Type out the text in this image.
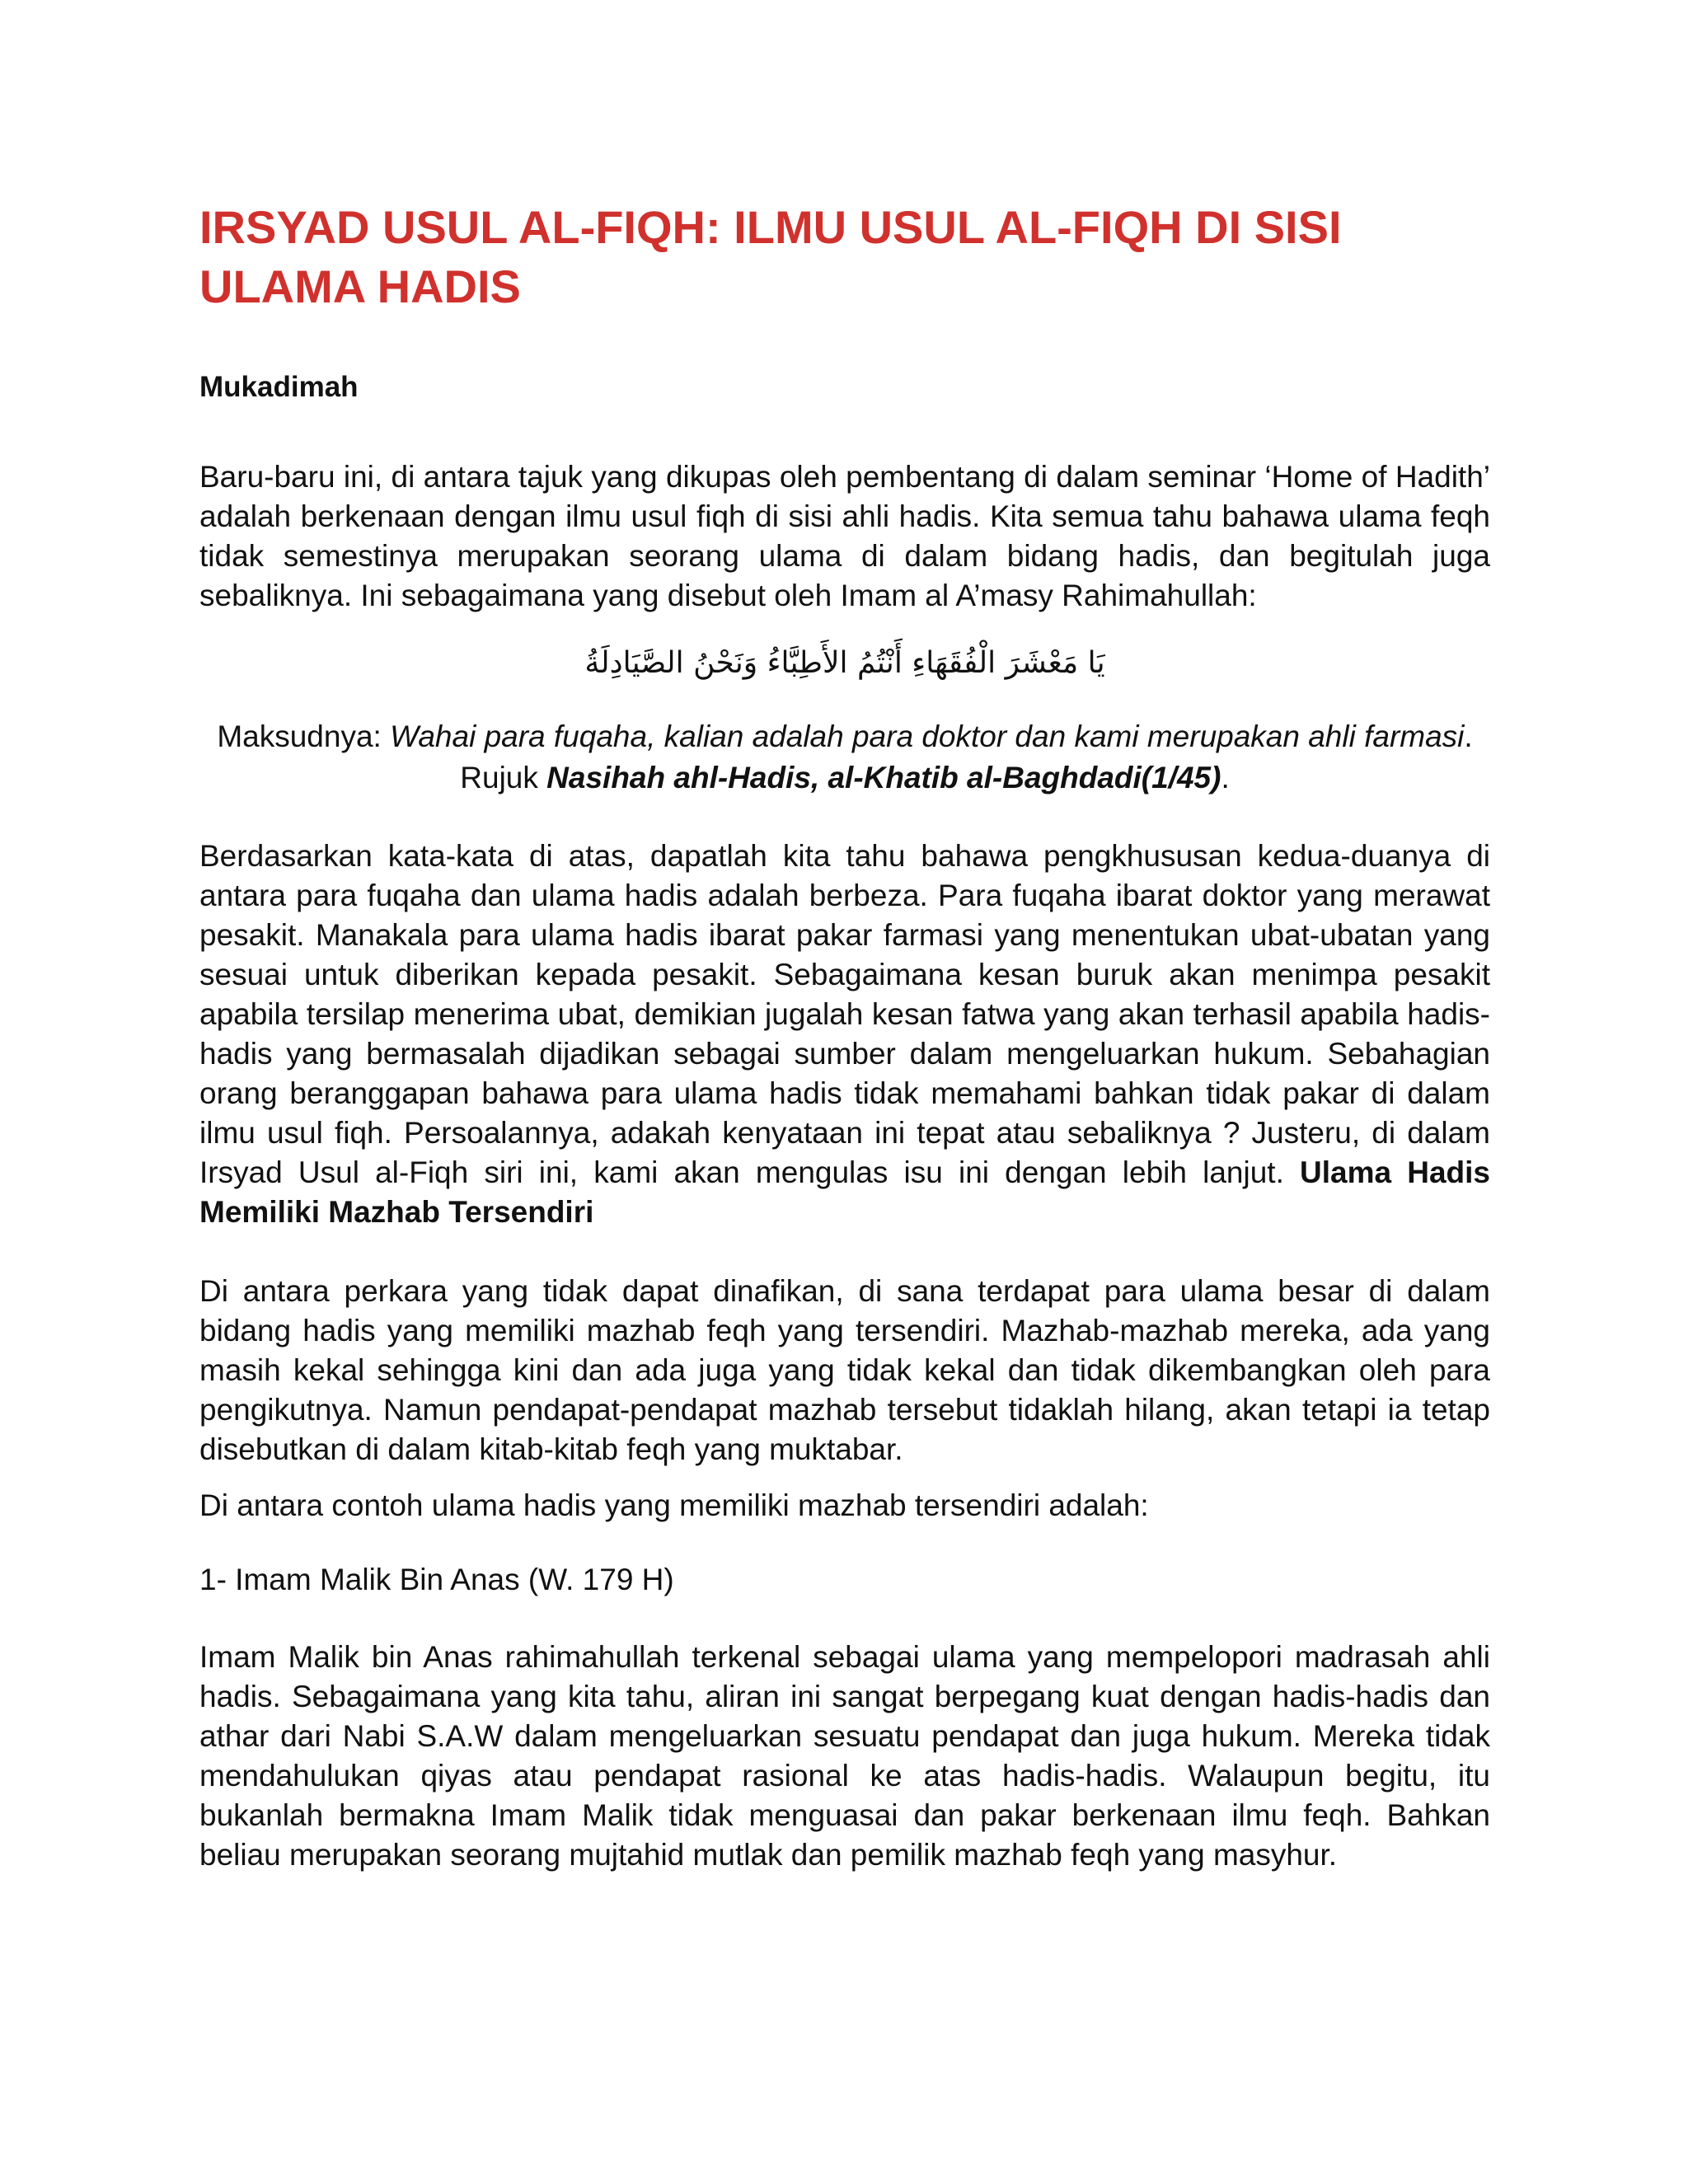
IRSYAD USUL AL-FIQH: ILMU USUL AL-FIQH DI SISI ULAMA HADIS

Mukadimah

Baru-baru ini, di antara tajuk yang dikupas oleh pembentang di dalam seminar ‘Home of Hadith’ adalah berkenaan dengan ilmu usul fiqh di sisi ahli hadis. Kita semua tahu bahawa ulama feqh tidak semestinya merupakan seorang ulama di dalam bidang hadis, dan begitulah juga sebaliknya. Ini sebagaimana yang disebut oleh Imam al A’masy Rahimahullah:

يَا مَعْشَرَ الْفُقَهَاءِ أَنْتُمُ الأَطِبَّاءُ وَنَحْنُ الصَّيَادِلَةُ

Maksudnya: Wahai para fuqaha, kalian adalah para doktor dan kami merupakan ahli farmasi. Rujuk Nasihah ahl-Hadis, al-Khatib al-Baghdadi(1/45).

Berdasarkan kata-kata di atas, dapatlah kita tahu bahawa pengkhususan kedua-duanya di antara para fuqaha dan ulama hadis adalah berbeza. Para fuqaha ibarat doktor yang merawat pesakit. Manakala para ulama hadis ibarat pakar farmasi yang menentukan ubat-ubatan yang sesuai untuk diberikan kepada pesakit. Sebagaimana kesan buruk akan menimpa pesakit apabila tersilap menerima ubat, demikian jugalah kesan fatwa yang akan terhasil apabila hadis-hadis yang bermasalah dijadikan sebagai sumber dalam mengeluarkan hukum. Sebahagian orang beranggapan bahawa para ulama hadis tidak memahami bahkan tidak pakar di dalam ilmu usul fiqh. Persoalannya, adakah kenyataan ini tepat atau sebaliknya ? Justeru, di dalam Irsyad Usul al-Fiqh siri ini, kami akan mengulas isu ini dengan lebih lanjut. Ulama Hadis Memiliki Mazhab Tersendiri

Di antara perkara yang tidak dapat dinafikan, di sana terdapat para ulama besar di dalam bidang hadis yang memiliki mazhab feqh yang tersendiri. Mazhab-mazhab mereka, ada yang masih kekal sehingga kini dan ada juga yang tidak kekal dan tidak dikembangkan oleh para pengikutnya. Namun pendapat-pendapat mazhab tersebut tidaklah hilang, akan tetapi ia tetap disebutkan di dalam kitab-kitab feqh yang muktabar.

Di antara contoh ulama hadis yang memiliki mazhab tersendiri adalah:

1- Imam Malik Bin Anas (W. 179 H)

Imam Malik bin Anas rahimahullah terkenal sebagai ulama yang mempelopori madrasah ahli hadis. Sebagaimana yang kita tahu, aliran ini sangat berpegang kuat dengan hadis-hadis dan athar dari Nabi S.A.W dalam mengeluarkan sesuatu pendapat dan juga hukum. Mereka tidak mendahulukan qiyas atau pendapat rasional ke atas hadis-hadis. Walaupun begitu, itu bukanlah bermakna Imam Malik tidak menguasai dan pakar berkenaan ilmu feqh. Bahkan beliau merupakan seorang mujtahid mutlak dan pemilik mazhab feqh yang masyhur.
